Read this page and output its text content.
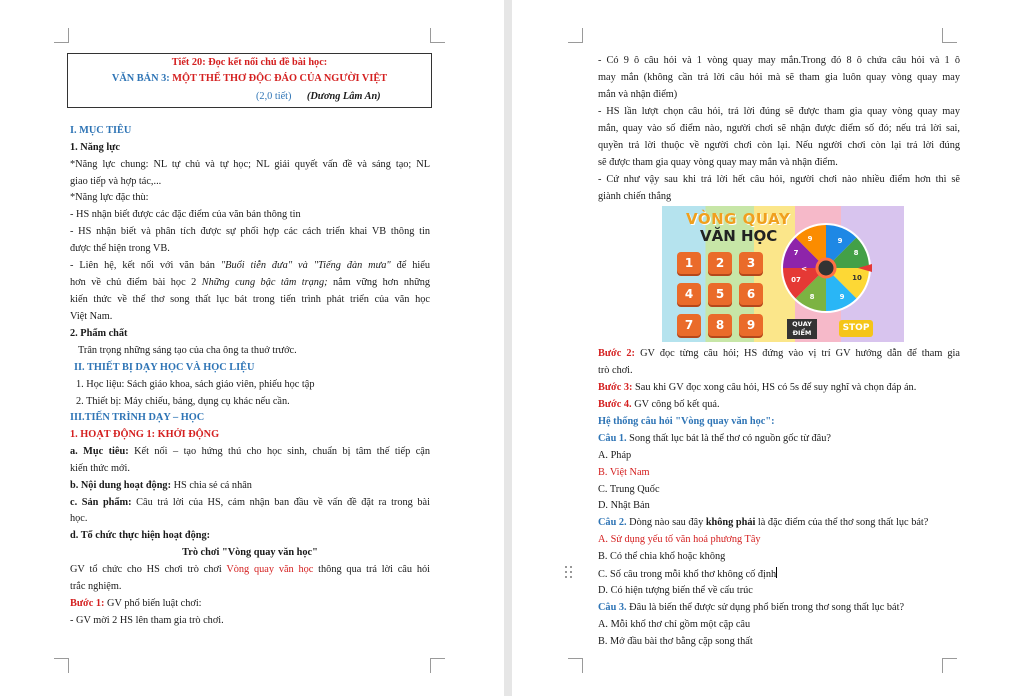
Tiết 20: Đọc kết nối chủ đề bài học:
VĂN BẢN 3: MỘT THỂ THƠ ĐỘC ĐÁO CỦA NGƯỜI VIỆT
(2,0 tiết) (Dương Lâm An)
I. MỤC TIÊU
1. Năng lực
*Năng lực chung: NL tự chủ và tự học; NL giải quyết vấn đề và sáng tạo; NL
giao tiếp và hợp tác,...
*Năng lực đặc thù:
- HS nhận biết được các đặc điểm của văn bản thông tin
- HS nhận biết và phân tích được sự phối hợp các cách triển khai VB thông tin
được thể hiện trong VB.
- Liên hệ, kết nối với văn bản "Buổi tiễn đưa" và "Tiếng đàn mưa" để hiểu
hơn về chủ điểm bài học 2 Những cung bậc tâm trạng; nắm vững hơn những
kiến thức về thể thơ song thất lục bát trong tiến trình phát triển của văn học
Việt Nam.
2. Phẩm chất
Trân trọng những sáng tạo của cha ông ta thuở trước.
II. THIẾT BỊ DẠY HỌC VÀ HỌC LIỆU
1. Học liệu: Sách giáo khoa, sách giáo viên, phiếu học tập
2. Thiết bị: Máy chiếu, bảng, dụng cụ khác nếu cần.
III.TIẾN TRÌNH DẠY – HỌC
1. HOẠT ĐỘNG 1: KHỞI ĐỘNG
a. Mục tiêu: Kết nối – tạo hứng thú cho học sinh, chuẩn bị tâm thế tiếp cận
kiến thức mới.
b. Nội dung hoạt động: HS chia sẻ cá nhân
c. Sản phẩm: Câu trả lời của HS, cảm nhận ban đầu về vấn đề đặt ra trong bài
học.
d. Tổ chức thực hiện hoạt động:
Trò chơi "Vòng quay văn học"
GV tổ chức cho HS chơi trò chơi Vòng quay văn học thông qua trả lời câu hỏi
trắc nghiệm.
Bước 1: GV phổ biến luật chơi:
- GV mời 2 HS lên tham gia trò chơi.
- Có 9 ô câu hỏi và 1 vòng quay may mắn.Trong đó 8 ô chứa câu hỏi và 1 ô
may mắn (không cần trả lời câu hỏi mà sẽ tham gia luôn quay vòng quay may
mắn và nhận điểm)
- HS lần lượt chọn câu hỏi, trả lời đúng sẽ được tham gia quay vòng quay may
mắn, quay vào số điểm nào, người chơi sẽ nhận được điểm số đó; nếu trả lời sai,
quyền trả lời thuộc về người chơi còn lại. Nếu người chơi còn lại trả lời đúng
sẽ được tham gia quay vòng quay may mắn và nhận điểm.
- Cứ như vậy sau khi trả lời hết câu hỏi, người chơi nào nhiều điểm hơn thì sẽ
giành chiến thắng
VÒNG QUAY
VĂN HỌC
1	2	3
4	5	6
7	8	9
9
8
7
10
9
8
9
07
<
QUAY ĐIỂM	STOP
Bước 2: GV đọc từng câu hỏi; HS đứng vào vị trí GV hướng dẫn để tham gia
trò chơi.
Bước 3: Sau khi GV đọc xong câu hỏi, HS có 5s để suy nghĩ và chọn đáp án.
Bước 4. GV công bố kết quả.
Hệ thống câu hỏi "Vòng quay văn học":
Câu 1. Song thất lục bát là thể thơ có nguồn gốc từ đâu?
A. Pháp
B. Việt Nam
C. Trung Quốc
D. Nhật Bản
Câu 2. Dòng nào sau đây không phải là đặc điểm của thể thơ song thất lục bát?
A. Sử dụng yếu tố văn hoá phương Tây
B. Có thể chia khổ hoặc không
C. Số câu trong mỗi khổ thơ không cố định
D. Có hiện tượng biến thể về cấu trúc
Câu 3. Đâu là biến thể được sử dụng phổ biến trong thơ song thất lục bát?
A. Mỗi khổ thơ chỉ gồm một cặp câu
B. Mở đầu bài thơ bằng cặp song thất
